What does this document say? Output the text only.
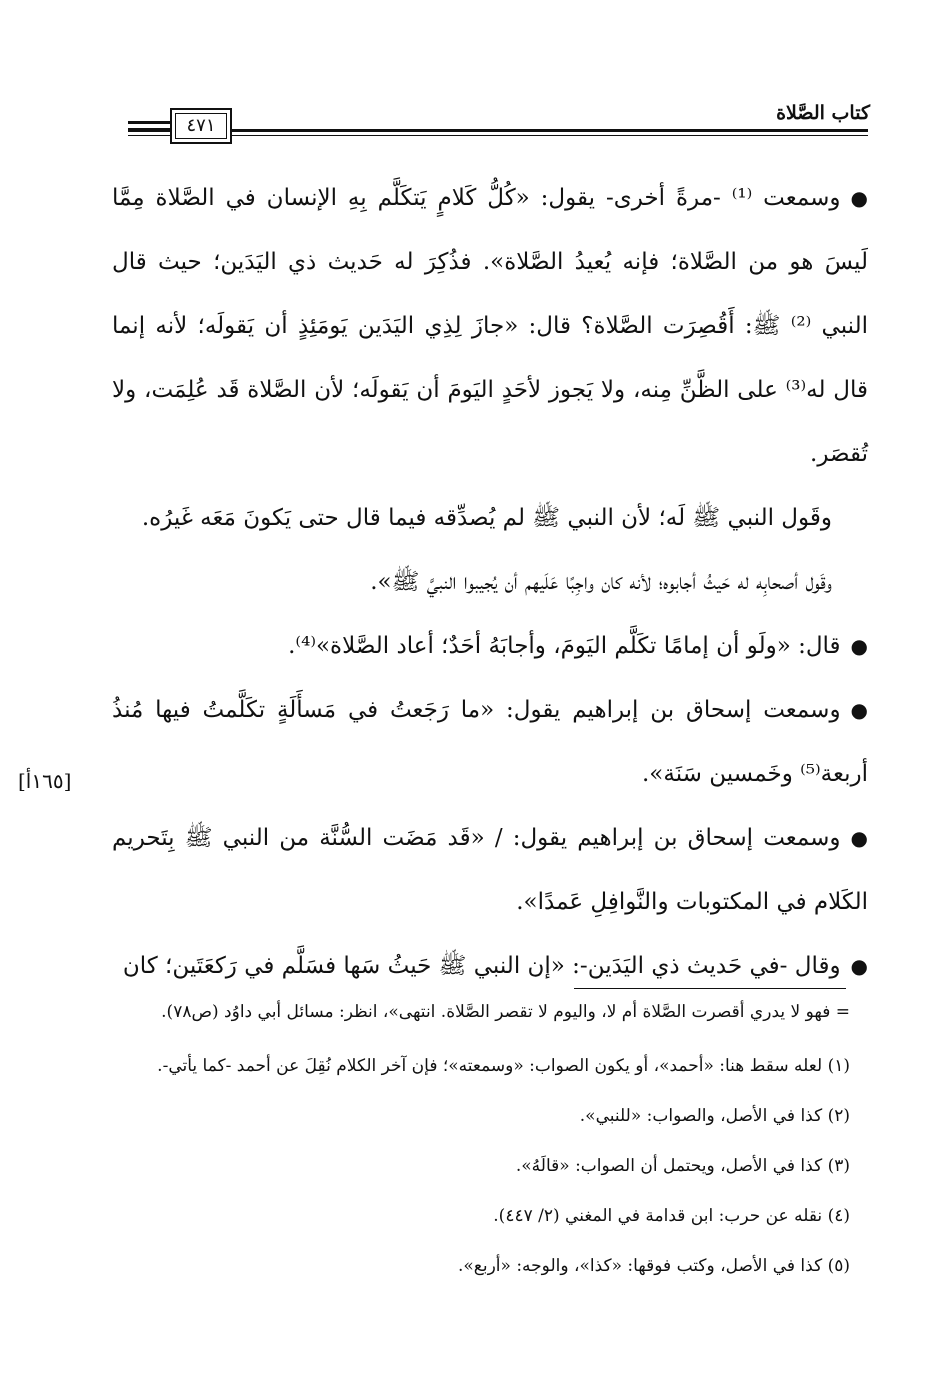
٤٧١
كتاب الصَّلاة

●وسمعت ⁽¹⁾ -مرةً أخرى- يقول: «كُلُّ كَلامٍ يَتكَلَّم بِهِ الإنسان في الصَّلاة مِمَّا لَيسَ هو من الصَّلاة؛ فإنه يُعيدُ الصَّلاة». فذُكِرَ له حَديث ذي اليَدَين؛ حيث قال النبي ⁽²⁾ ﷺ: أَقُصِرَت الصَّلاة؟ قال: «جازَ لِذِي اليَدَين يَومَئِذٍ أن يَقولَه؛ لأنه إنما قال له⁽³⁾ على الظَّنِّ مِنه، ولا يَجوز لأحَدٍ اليَومَ أن يَقولَه؛ لأن الصَّلاة قَد عُلِمَت، ولا تُقصَر.

وقَول النبي ﷺ لَه؛ لأن النبي ﷺ لم يُصدِّقه فيما قال حتى يَكونَ مَعَه غَيرُه.

وقَول أصحابِه له حَيثُ أجابوه؛ لأنه كان واجِبًا عَلَيهم أن يُجيبوا النبيَّ ﷺ».

●قال: «ولَو أن إمامًا تكَلَّم اليَومَ، وأجابَهُ أحَدٌ؛ أعاد الصَّلاة»⁽⁴⁾.

●وسمعت إسحاق بن إبراهيم يقول: «ما رَجَعتُ في مَسأَلَةٍ تكَلَّمتُ فيها مُنذُ أربعة⁽⁵⁾ وخَمسين سَنَة».

●وسمعت إسحاق بن إبراهيم يقول: / «قَد مَضَت السُّنَّة من النبي ﷺ بِتَحريم الكَلام في المكتوبات والنَّوافِلِ عَمدًا».

●وقال -في حَديث ذي اليَدَين-: «إن النبي ﷺ حَيثُ سَها فسَلَّم في رَكعَتَين؛ كان

[١٦٥أ]
= فهو لا يدري أقصرت الصَّلاة أم لا، واليوم لا تقصر الصَّلاة. انتهى»، انظر: مسائل أبي داوُد (ص٧٨).
(١) لعله سقط هنا: «أحمد»، أو يكون الصواب: «وسمعته»؛ فإن آخر الكلام نُقِلَ عن أحمد -كما يأتي-.
(٢) كذا في الأصل، والصواب: «للنبي».
(٣) كذا في الأصل، ويحتمل أن الصواب: «قالَهُ».
(٤) نقله عن حرب: ابن قدامة في المغني (٢/ ٤٤٧).
(٥) كذا في الأصل، وكتب فوقها: «كذا»، والوجه: «أربع».
